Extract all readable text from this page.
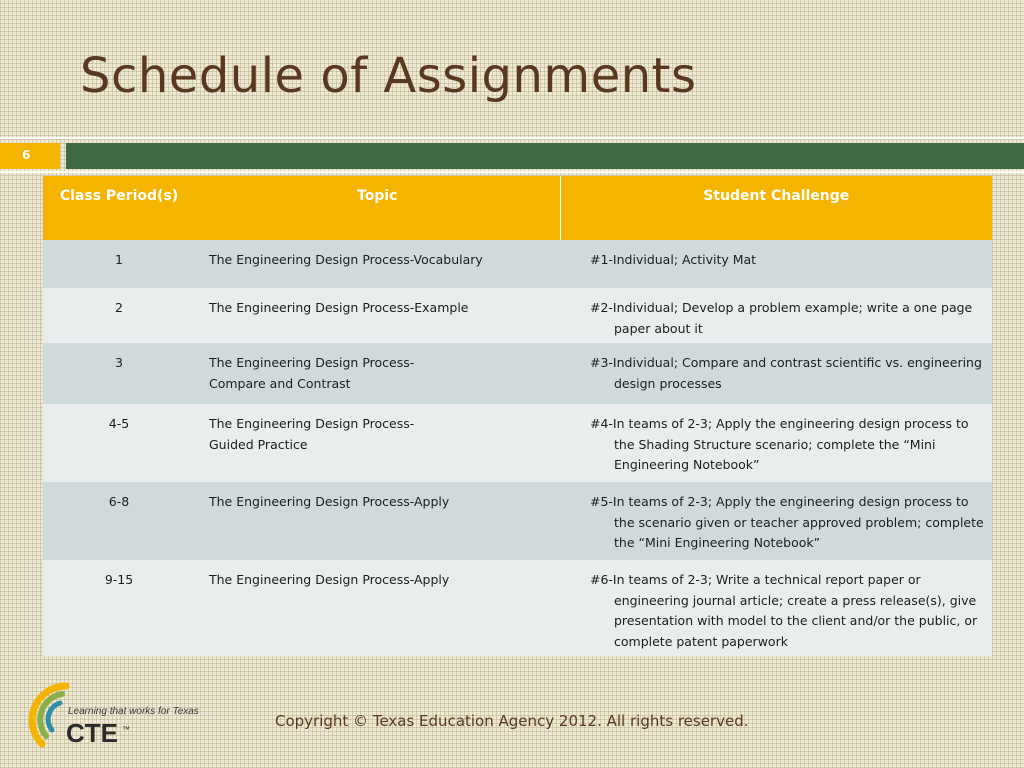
Schedule of Assignments
6
Class Period(s)	Topic	Student Challenge
1	The Engineering Design Process-Vocabulary	#1-Individual; Activity Mat

2	The Engineering Design Process-Example	#2-Individual; Develop a problem example; write a one page paper about it

3	The Engineering Design Process-
Compare and Contrast	#3-Individual; Compare and contrast scientific vs. engineering design processes

4-5	The Engineering Design Process-
Guided Practice	#4-In teams of 2-3; Apply the engineering design process to the Shading Structure scenario; complete the “Mini Engineering Notebook”

6-8	The Engineering Design Process-Apply	#5-In teams of 2-3; Apply the engineering design process to the scenario given or teacher approved problem; complete the “Mini Engineering Notebook”

9-15	The Engineering Design Process-Apply	#6-In teams of 2-3; Write a technical report paper or engineering journal article; create a press release(s), give presentation with model to the client and/or the public, or complete patent paperwork
Learning that works for Texas
CTE ™	Copyright © Texas Education Agency 2012. All rights reserved.
